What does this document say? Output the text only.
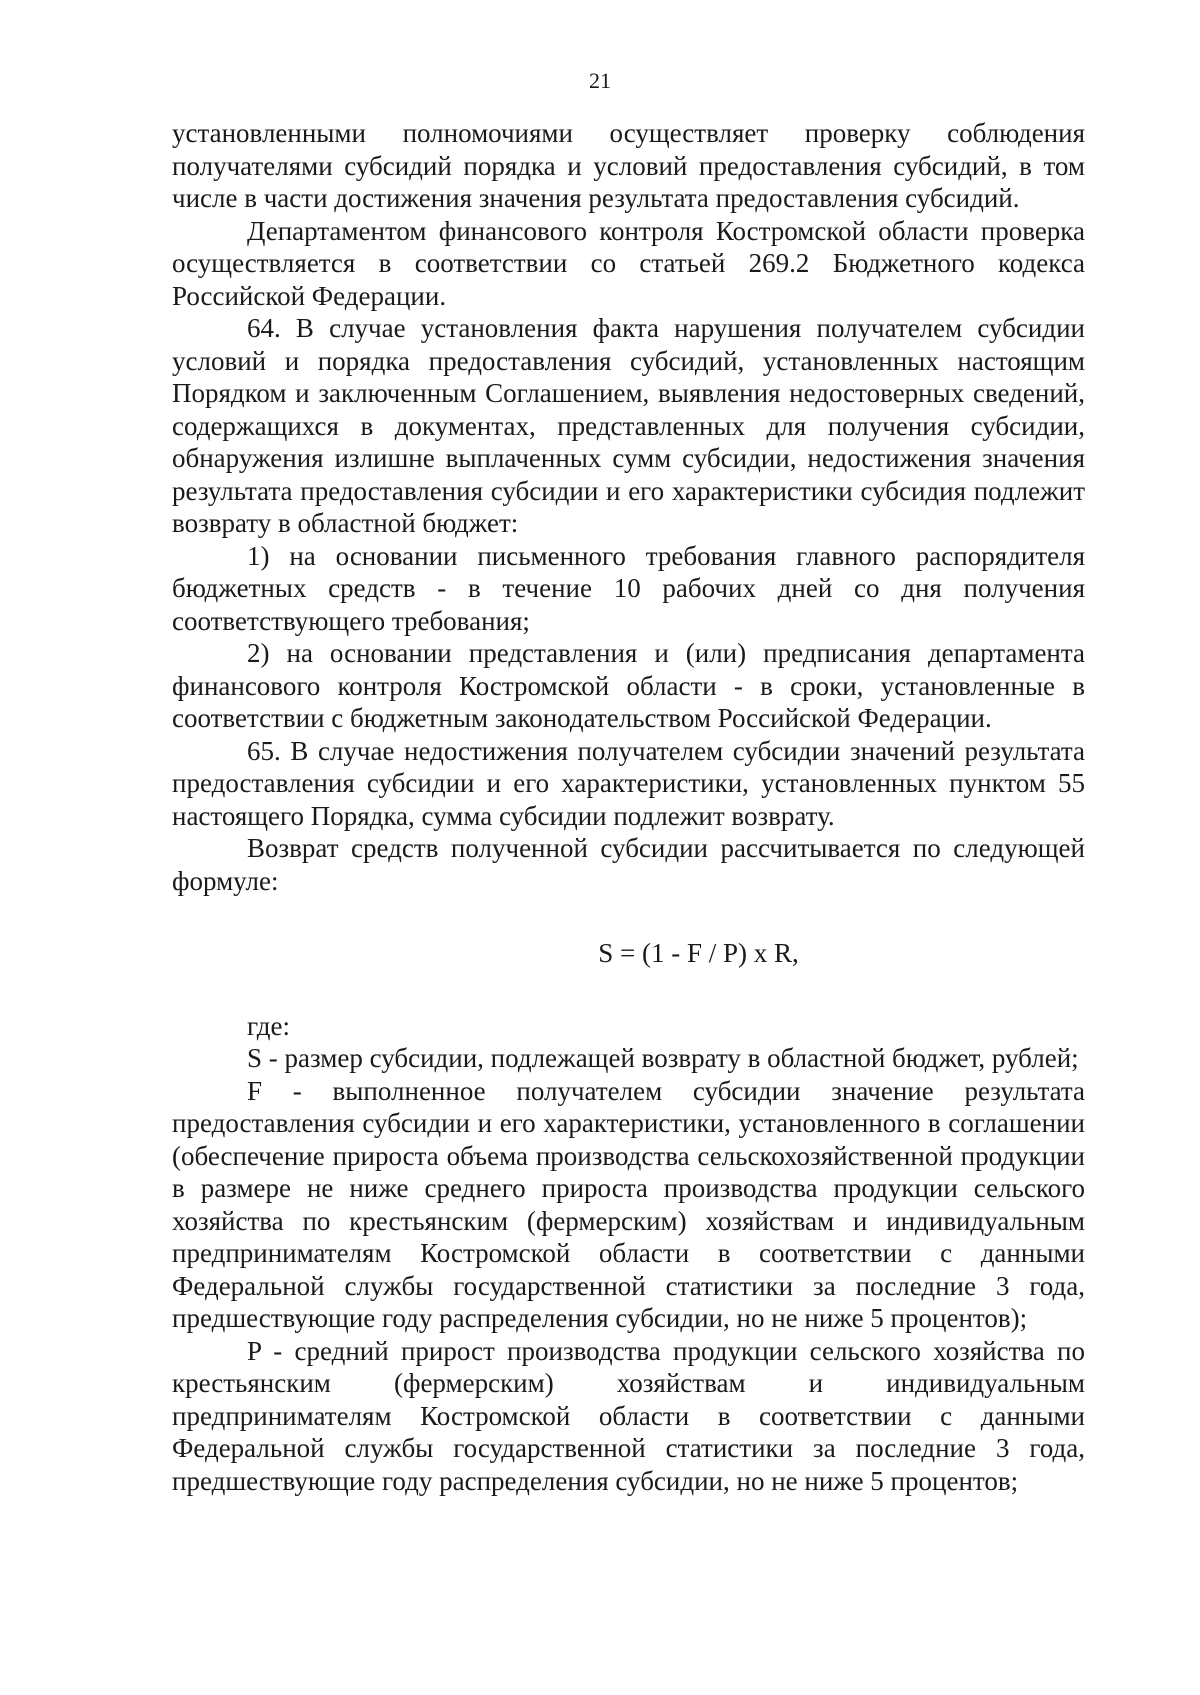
21

установленными полномочиями осуществляет проверку соблюдения получателями субсидий порядка и условий предоставления субсидий, в том числе в части достижения значения результата предоставления субсидий.

Департаментом финансового контроля Костромской области проверка осуществляется в соответствии со статьей 269.2 Бюджетного кодекса Российской Федерации.

64. В случае установления факта нарушения получателем субсидии условий и порядка предоставления субсидий, установленных настоящим Порядком и заключенным Соглашением, выявления недостоверных сведений, содержащихся в документах, представленных для получения субсидии, обнаружения излишне выплаченных сумм субсидии, недостижения значения результата предоставления субсидии и его характеристики субсидия подлежит возврату в областной бюджет:

1) на основании письменного требования главного распорядителя бюджетных средств - в течение 10 рабочих дней со дня получения соответствующего требования;

2) на основании представления и (или) предписания департамента финансового контроля Костромской области - в сроки, установленные в соответствии с бюджетным законодательством Российской Федерации.

65. В случае недостижения получателем субсидии значений результата предоставления субсидии и его характеристики, установленных пунктом 55 настоящего Порядка, сумма субсидии подлежит возврату.

Возврат средств полученной субсидии рассчитывается по следующей формуле:

S = (1 - F / P) x R,

где:

S - размер субсидии, подлежащей возврату в областной бюджет, рублей;

F - выполненное получателем субсидии значение результата предоставления субсидии и его характеристики, установленного в соглашении (обеспечение прироста объема производства сельскохозяйственной продукции в размере не ниже среднего прироста производства продукции сельского хозяйства по крестьянским (фермерским) хозяйствам и индивидуальным предпринимателям Костромской области в соответствии с данными Федеральной службы государственной статистики за последние 3 года, предшествующие году распределения субсидии, но не ниже 5 процентов);

P - средний прирост производства продукции сельского хозяйства по крестьянским (фермерским) хозяйствам и индивидуальным предпринимателям Костромской области в соответствии с данными Федеральной службы государственной статистики за последние 3 года, предшествующие году распределения субсидии, но не ниже 5 процентов;
